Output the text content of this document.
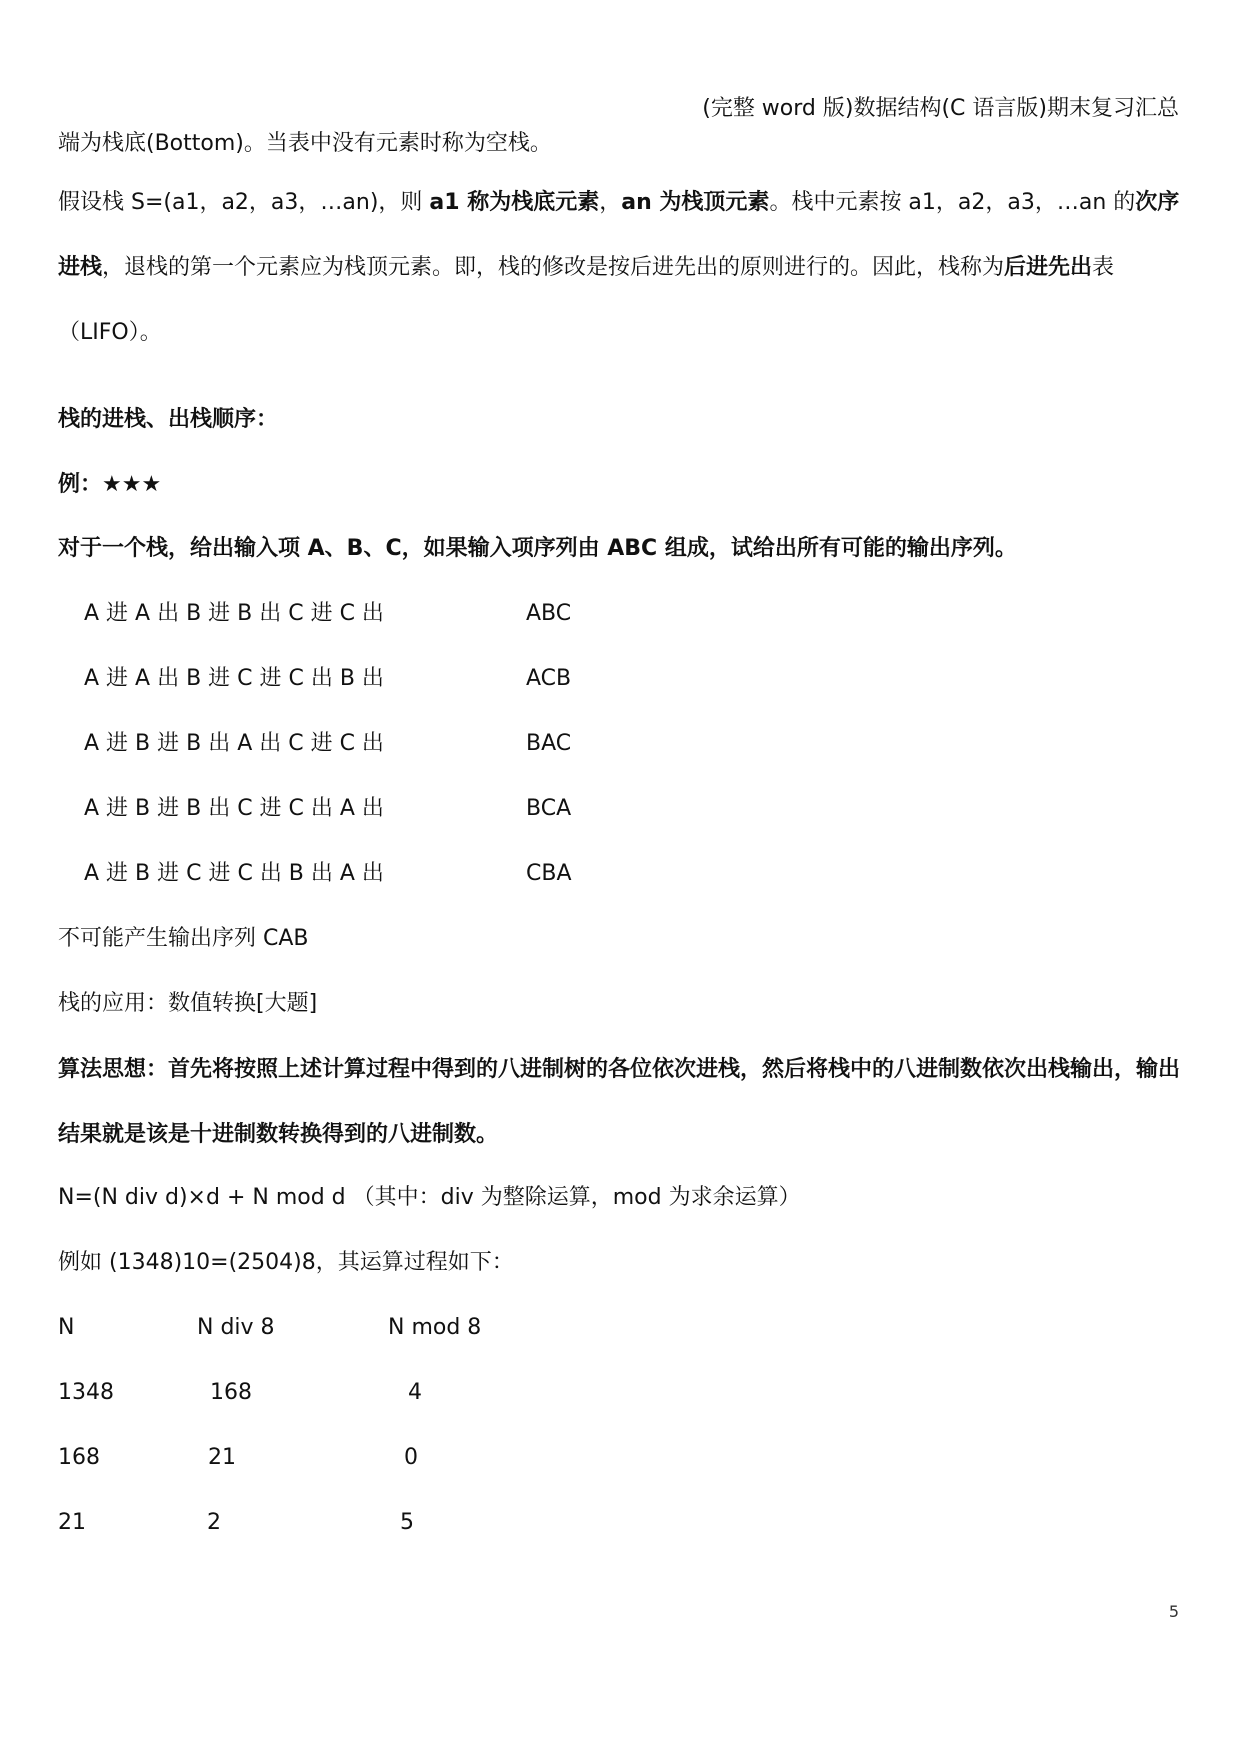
(完整 word 版)数据结构(C 语言版)期末复习汇总
端为栈底(Bottom)。当表中没有元素时称为空栈。
假设栈 S=(a1，a2，a3，…an)，则 a1 称为栈底元素，an 为栈顶元素。栈中元素按 a1，a2，a3，…an 的次序进栈，退栈的第一个元素应为栈顶元素。即，栈的修改是按后进先出的原则进行的。因此，栈称为后进先出表（LIFO）。
栈的进栈、出栈顺序：
例：★★★
对于一个栈，给出输入项 A、B、C，如果输入项序列由 ABC 组成，试给出所有可能的输出序列。
A 进 A 出 B 进 B 出 C 进 C 出	ABC
A 进 A 出 B 进 C 进 C 出 B 出	ACB
A 进 B 进 B 出 A 出 C 进 C 出	BAC
A 进 B 进 B 出 C 进 C 出 A 出	BCA
A 进 B 进 C 进 C 出 B 出 A 出	CBA
不可能产生输出序列 CAB
栈的应用：数值转换[大题]
算法思想：首先将按照上述计算过程中得到的八进制树的各位依次进栈，然后将栈中的八进制数依次出栈输出，输出结果就是该是十进制数转换得到的八进制数。
N=(N div d)×d + N mod d （其中：div 为整除运算，mod 为求余运算）
例如 (1348)10=(2504)8，其运算过程如下：
N	N div 8	N mod 8
1348	168	4
168	21	0
21	2	5
5
